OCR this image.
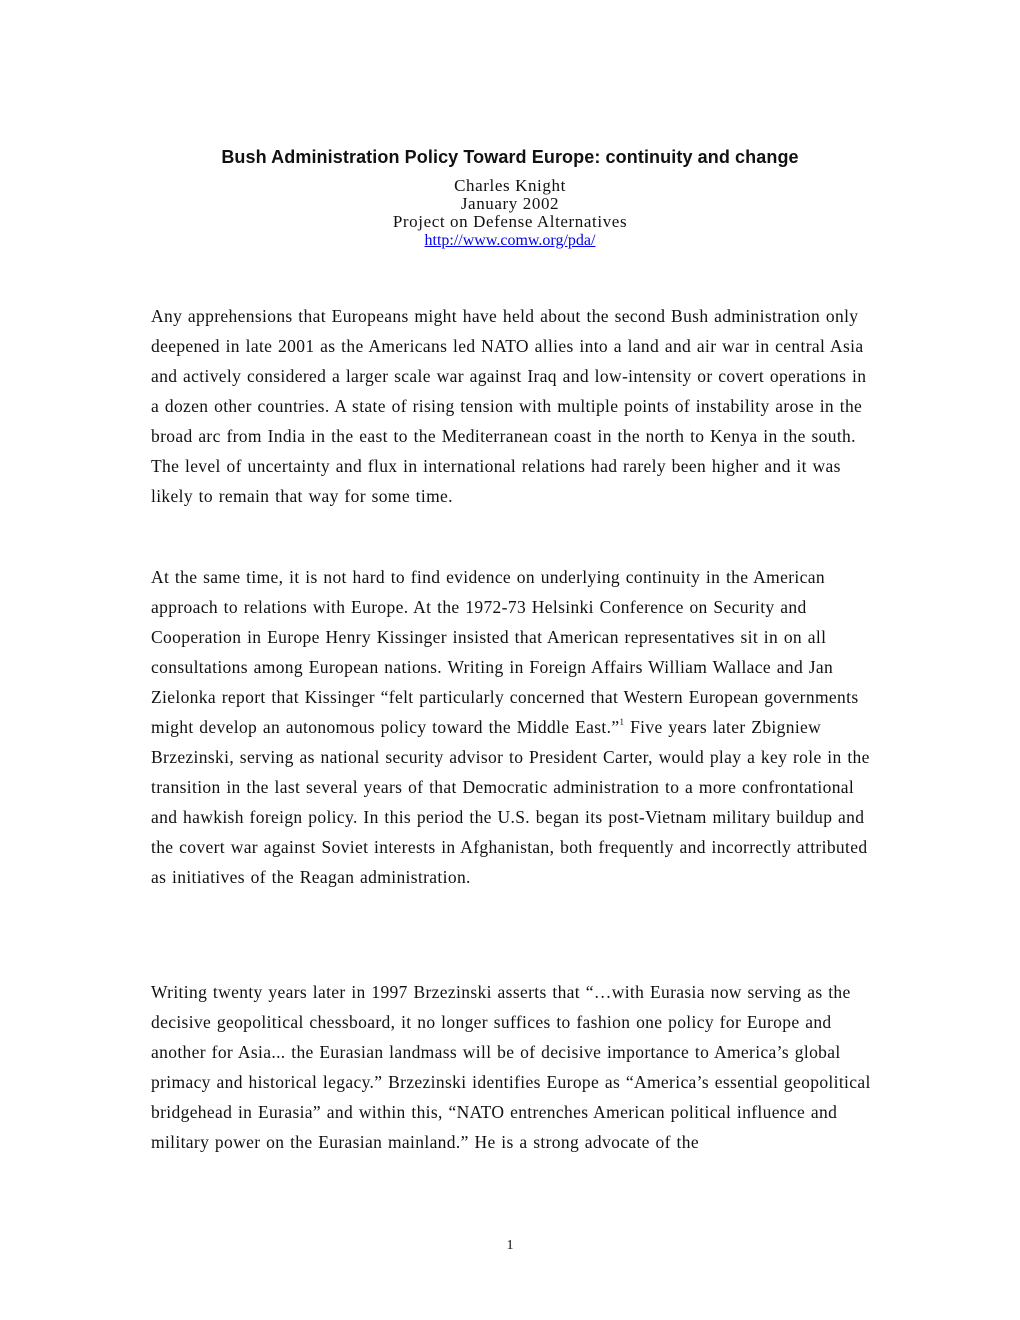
Bush Administration Policy Toward Europe: continuity and change
Charles Knight
January 2002
Project on Defense Alternatives
http://www.comw.org/pda/

Any apprehensions that Europeans might have held about the second Bush administration only deepened in late 2001 as the Americans led NATO allies into a land and air war in central Asia and actively considered a larger scale war against Iraq and low-intensity or covert operations in a dozen other countries. A state of rising tension with multiple points of instability arose in the broad arc from India in the east to the Mediterranean coast in the north to Kenya in the south. The level of uncertainty and flux in international relations had rarely been higher and it was likely to remain that way for some time.

At the same time, it is not hard to find evidence on underlying continuity in the American approach to relations with Europe. At the 1972-73 Helsinki Conference on Security and Cooperation in Europe Henry Kissinger insisted that American representatives sit in on all consultations among European nations. Writing in Foreign Affairs William Wallace and Jan Zielonka report that Kissinger “felt particularly concerned that Western European governments might develop an autonomous policy toward the Middle East.”$^1$ Five years later Zbigniew Brzezinski, serving as national security advisor to President Carter, would play a key role in the transition in the last several years of that Democratic administration to a more confrontational and hawkish foreign policy. In this period the U.S. began its post-Vietnam military buildup and the covert war against Soviet interests in Afghanistan, both frequently and incorrectly attributed as initiatives of the Reagan administration.

Writing twenty years later in 1997 Brzezinski asserts that “…with Eurasia now serving as the decisive geopolitical chessboard, it no longer suffices to fashion one policy for Europe and another for Asia... the Eurasian landmass will be of decisive importance to America’s global primacy and historical legacy.” Brzezinski identifies Europe as “America’s essential geopolitical bridgehead in Eurasia” and within this, “NATO entrenches American political influence and military power on the Eurasian mainland.” He is a strong advocate of the

1
